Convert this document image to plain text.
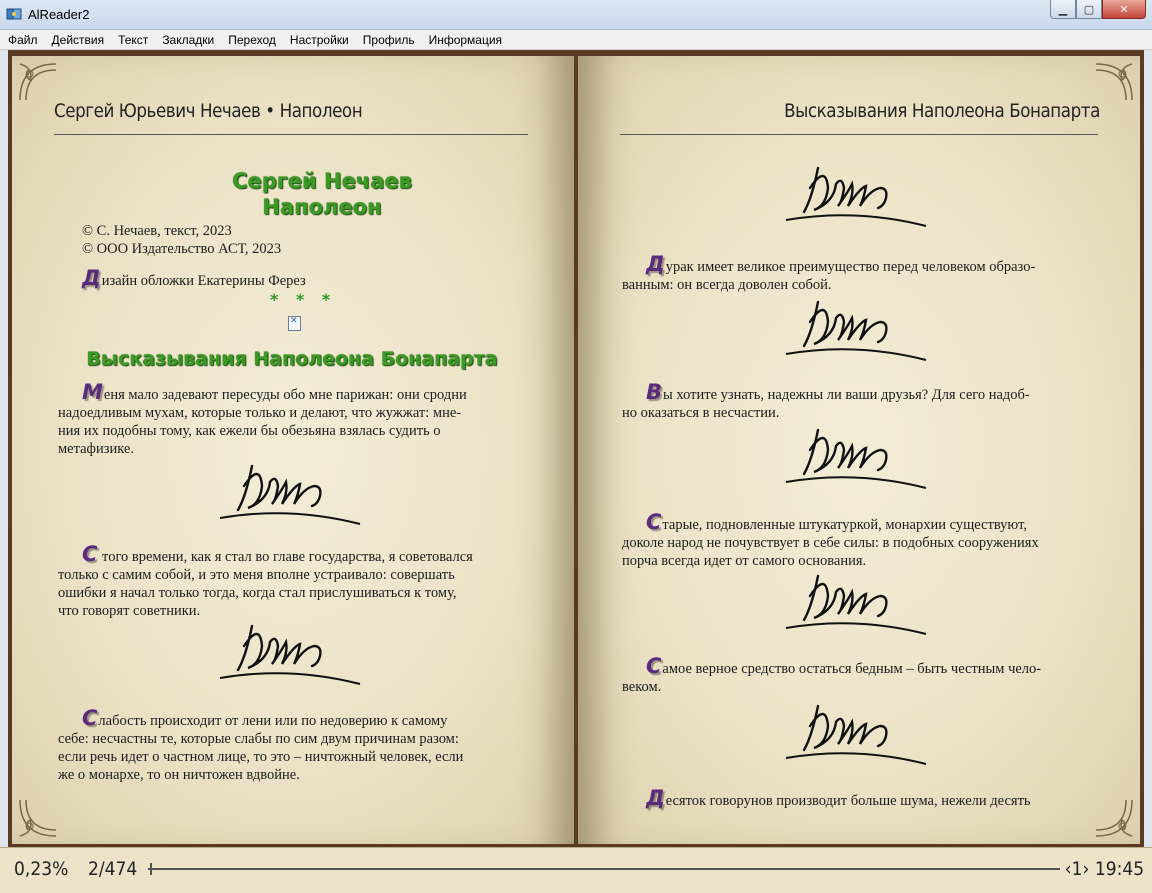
AlReader2	▁	▢	✕
Файл Действия Текст Закладки Переход Настройки Профиль Информация
Сергей Юрьевич Нечаев • Наполеон
Сергей Нечаев
Наполеон
© С. Нечаев, текст, 2023
© ООО Издательство АСТ, 2023
Дизайн обложки Екатерины Ферез
* * *
✕
Высказывания Наполеона Бонапарта
Меня мало задевают пересуды обо мне парижан: они сродни
надоедливым мухам, которые только и делают, что жужжат: мне-
ния их подобны тому, как ежели бы обезьяна взялась судить о
метафизике.
С того времени, как я стал во главе государства, я советовался
только с самим собой, и это меня вполне устраивало: совершать
ошибки я начал только тогда, когда стал прислушиваться к тому,
что говорят советники.
Слабость происходит от лени или по недоверию к самому
себе: несчастны те, которые слабы по сим двум причинам разом:
если речь идет о частном лице, то это – ничтожный человек, если
же о монархе, то он ничтожен вдвойне.
Высказывания Наполеона Бонапарта
Дурак имеет великое преимущество перед человеком образо-
ванным: он всегда доволен собой.
Вы хотите узнать, надежны ли ваши друзья? Для сего надоб-
но оказаться в несчастии.
Старые, подновленные штукатуркой, монархии существуют,
доколе народ не почувствует в себе силы: в подобных сооружениях
порча всегда идет от самого основания.
Самое верное средство остаться бедным – быть честным чело-
веком.
Десяток говорунов производит больше шума, нежели десять
0,23% 2/474	‹1› 19:45
